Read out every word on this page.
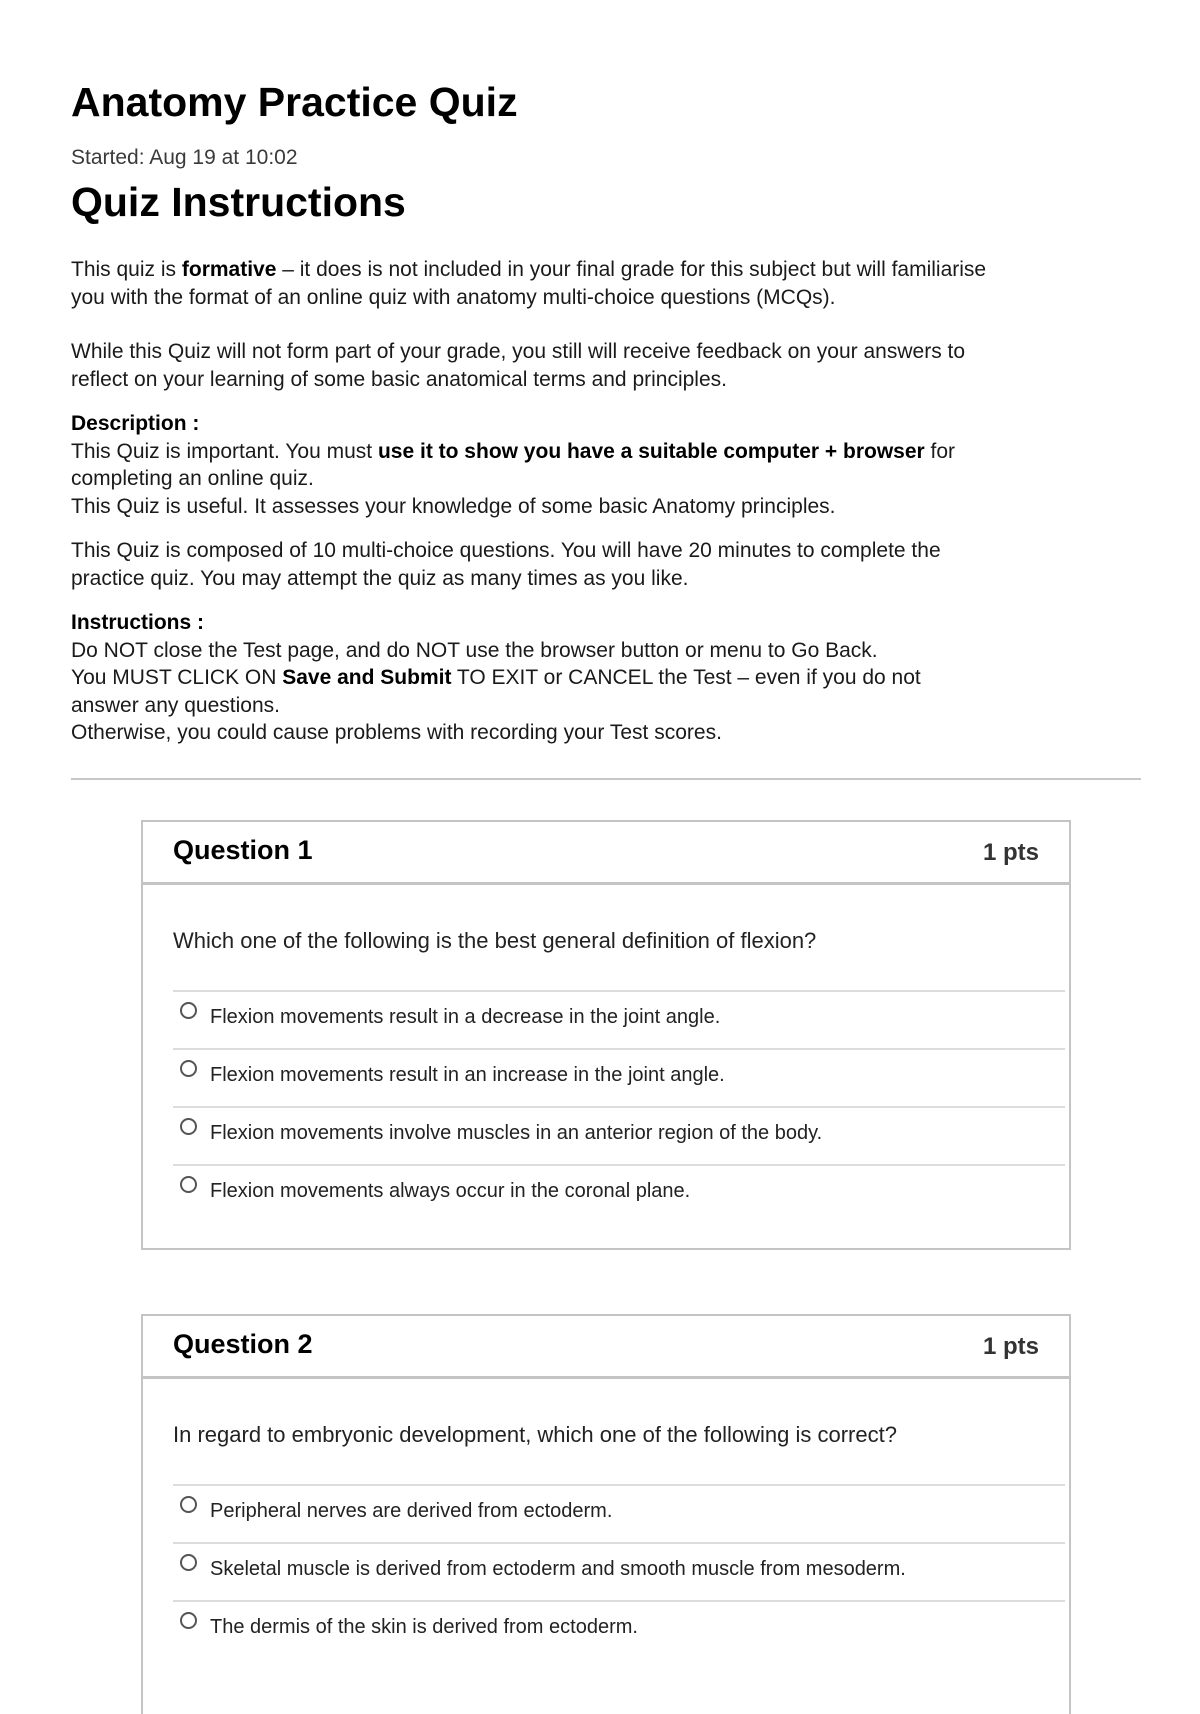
Anatomy Practice Quiz
Started: Aug 19 at 10:02
Quiz Instructions

This quiz is formative – it does is not included in your final grade for this subject but will familiarise

you with the format of an online quiz with anatomy multi-choice questions (MCQs).

While this Quiz will not form part of your grade, you still will receive feedback on your answers to

reflect on your learning of some basic anatomical terms and principles.

Description :

This Quiz is important. You must use it to show you have a suitable computer + browser for

completing an online quiz.

This Quiz is useful. It assesses your knowledge of some basic Anatomy principles.

This Quiz is composed of 10 multi-choice questions. You will have 20 minutes to complete the

practice quiz. You may attempt the quiz as many times as you like.

Instructions :

Do NOT close the Test page, and do NOT use the browser button or menu to Go Back.

You MUST CLICK ON Save and Submit TO EXIT or CANCEL the Test – even if you do not

answer any questions.

Otherwise, you could cause problems with recording your Test scores.

Question 1	1 pts
Which one of the following is the best general definition of flexion?
Flexion movements result in a decrease in the joint angle.
Flexion movements result in an increase in the joint angle.
Flexion movements involve muscles in an anterior region of the body.
Flexion movements always occur in the coronal plane.
Question 2	1 pts
In regard to embryonic development, which one of the following is correct?
Peripheral nerves are derived from ectoderm.
Skeletal muscle is derived from ectoderm and smooth muscle from mesoderm.
The dermis of the skin is derived from ectoderm.
